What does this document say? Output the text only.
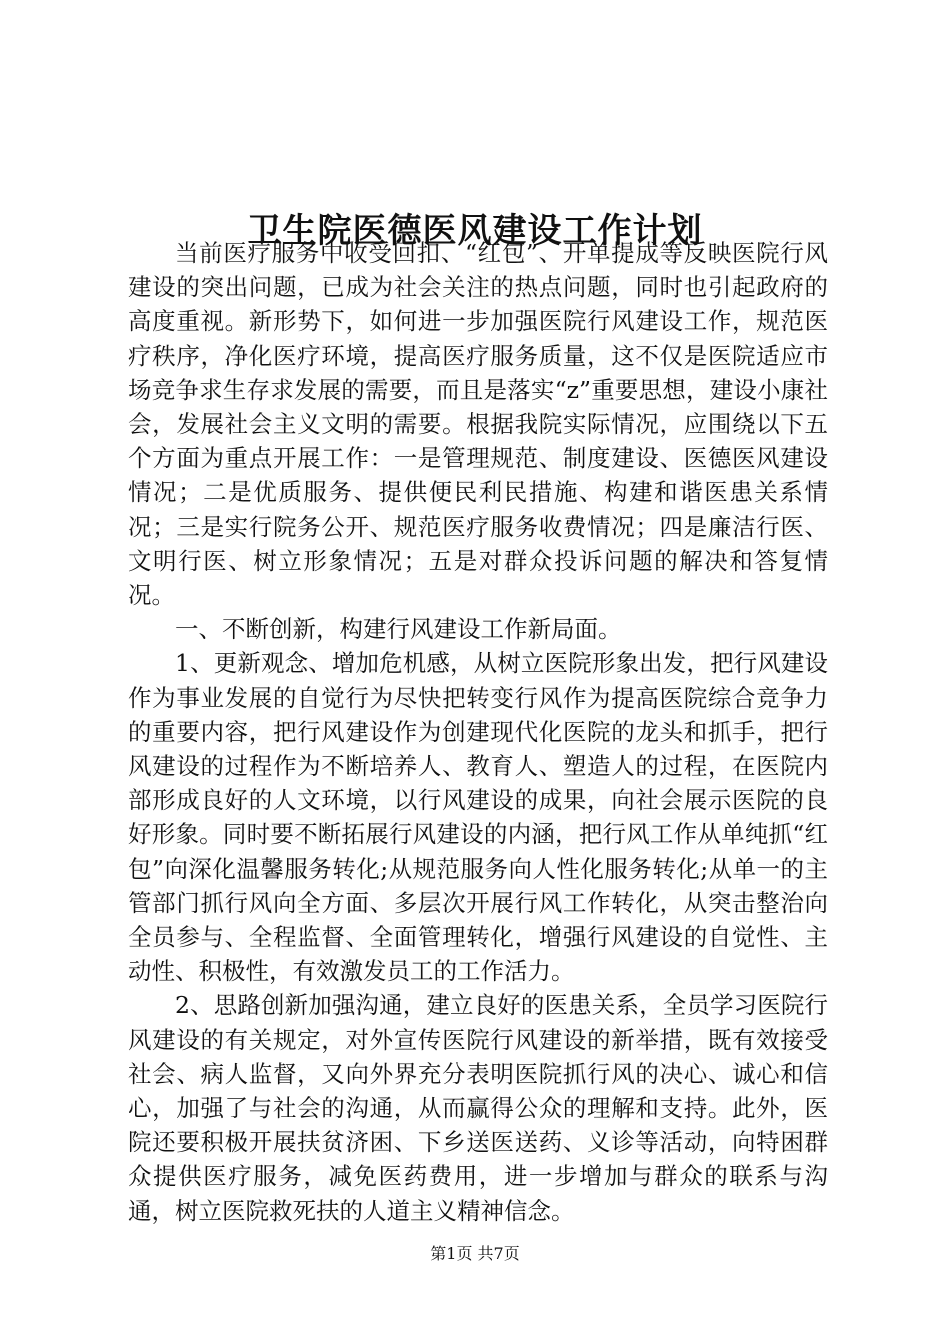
卫生院医德医风建设工作计划

当前医疗服务中收受回扣、“红包”、开单提成等反映医院行风建设的突出问题，已成为社会关注的热点问题，同时也引起政府的高度重视。新形势下，如何进一步加强医院行风建设工作，规范医疗秩序，净化医疗环境，提高医疗服务质量，这不仅是医院适应市场竞争求生存求发展的需要，而且是落实“z”重要思想，建设小康社会，发展社会主义文明的需要。根据我院实际情况，应围绕以下五个方面为重点开展工作：一是管理规范、制度建设、医德医风建设情况；二是优质服务、提供便民利民措施、构建和谐医患关系情况；三是实行院务公开、规范医疗服务收费情况；四是廉洁行医、文明行医、树立形象情况；五是对群众投诉问题的解决和答复情况。

一、不断创新，构建行风建设工作新局面。

1、更新观念、增加危机感，从树立医院形象出发，把行风建设作为事业发展的自觉行为尽快把转变行风作为提高医院综合竞争力的重要内容，把行风建设作为创建现代化医院的龙头和抓手，把行风建设的过程作为不断培养人、教育人、塑造人的过程，在医院内部形成良好的人文环境，以行风建设的成果，向社会展示医院的良好形象。同时要不断拓展行风建设的内涵，把行风工作从单纯抓“红包”向深化温馨服务转化;从规范服务向人性化服务转化;从单一的主管部门抓行风向全方面、多层次开展行风工作转化，从突击整治向全员参与、全程监督、全面管理转化，增强行风建设的自觉性、主动性、积极性，有效激发员工的工作活力。

2、思路创新加强沟通，建立良好的医患关系，全员学习医院行风建设的有关规定，对外宣传医院行风建设的新举措，既有效接受社会、病人监督，又向外界充分表明医院抓行风的决心、诚心和信心，加强了与社会的沟通，从而赢得公众的理解和支持。此外，医院还要积极开展扶贫济困、下乡送医送药、义诊等活动，向特困群众提供医疗服务，减免医药费用，进一步增加与群众的联系与沟通，树立医院救死扶的人道主义精神信念。

第1页 共7页
